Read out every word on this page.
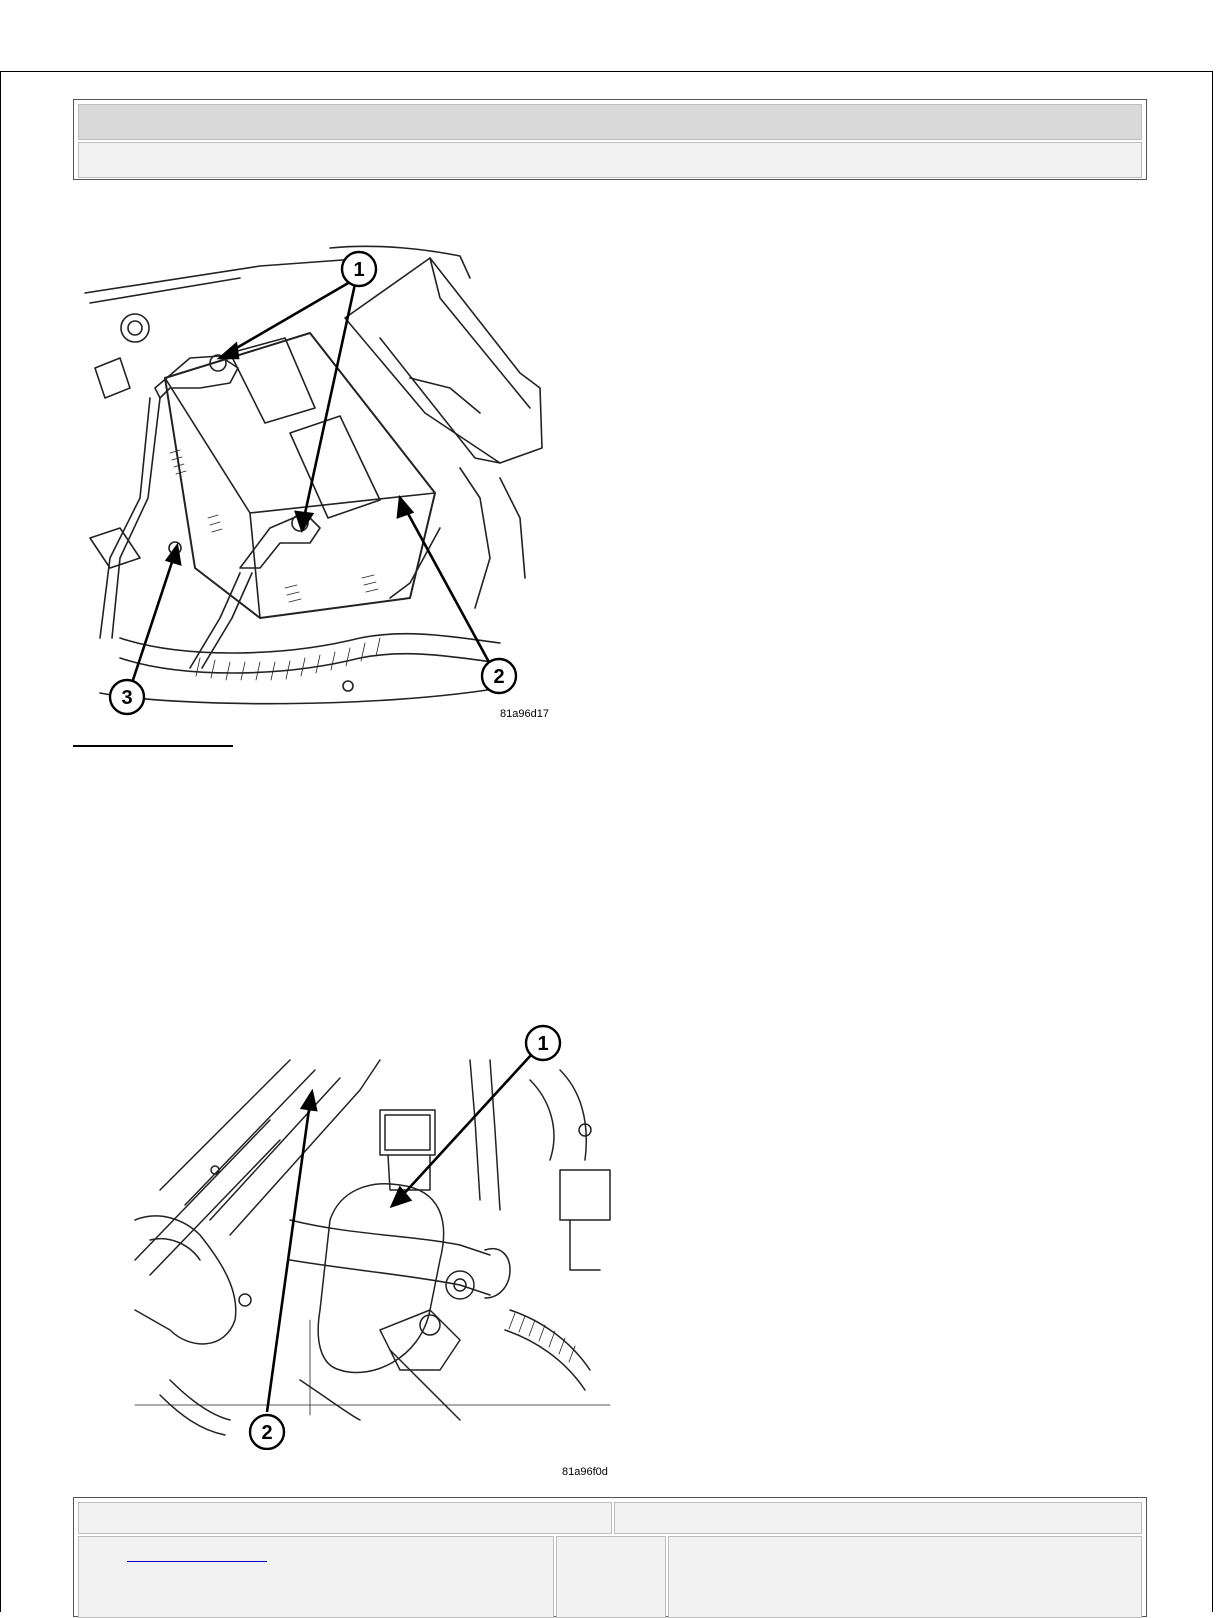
1
2
3
81a96d17
1
2
81a96f0d
